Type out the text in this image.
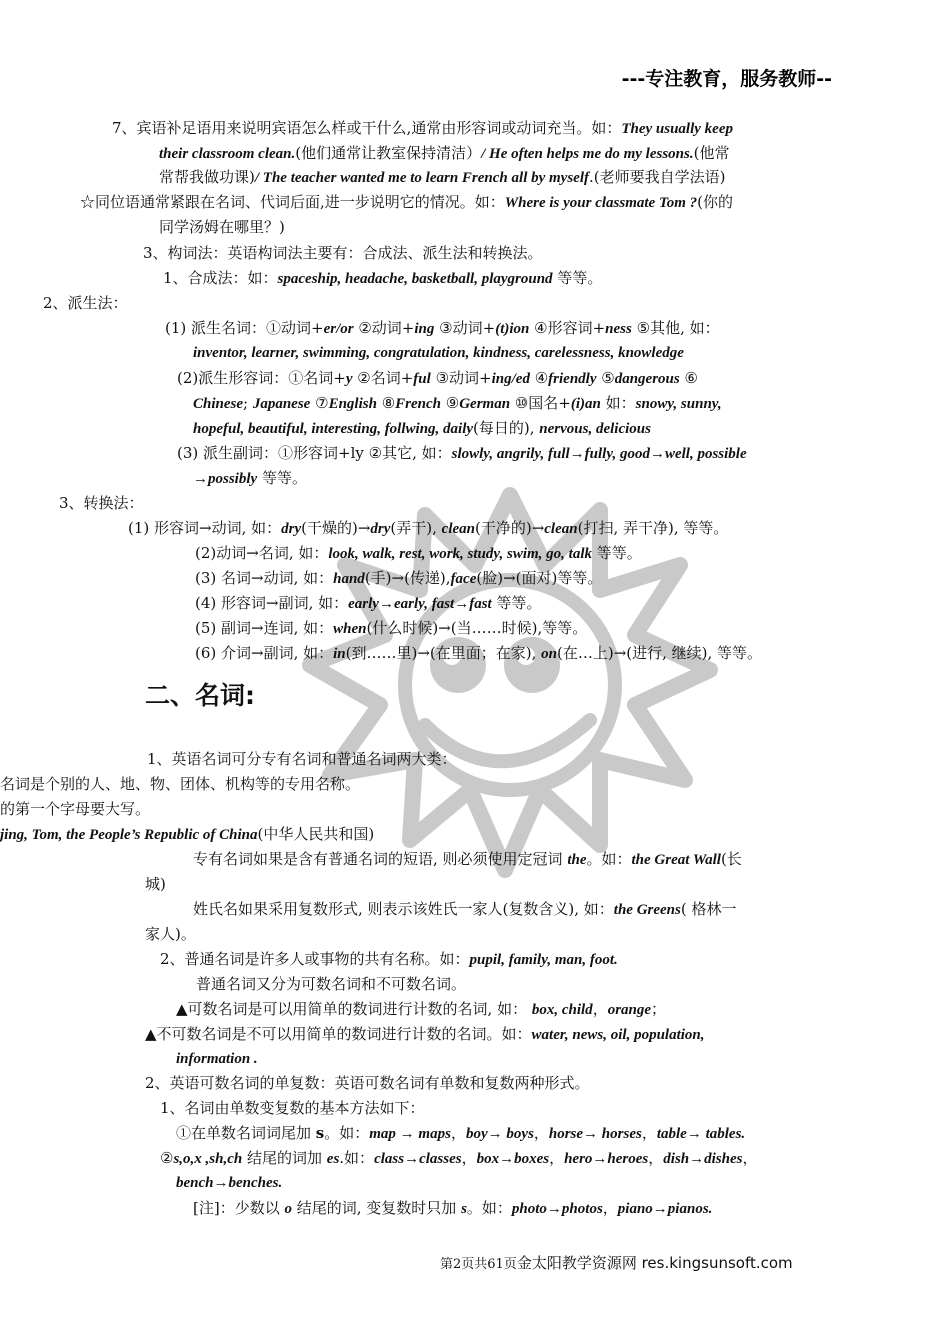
---专注教育，服务教师--
7、宾语补足语用来说明宾语怎么样或干什么,通常由形容词或动词充当。如：They usually keep
their classroom clean.(他们通常让教室保持清洁）/ He often helps me do my lessons.(他常
常帮我做功课)/ The teacher wanted me to learn French all by myself.(老师要我自学法语)
☆同位语通常紧跟在名词、代词后面,进一步说明它的情况。如：Where is your classmate Tom ?(你的
同学汤姆在哪里？)
3、构词法：英语构词法主要有：合成法、派生法和转换法。
1、合成法：如：spaceship, headache, basketball, playground 等等。
2、派生法：
(1) 派生名词：①动词+er/or ②动词+ing ③动词+(t)ion ④形容词+ness ⑤其他, 如：
inventor, learner, swimming, congratulation, kindness, carelessness, knowledge
(2)派生形容词：①名词+y ②名词+ful ③动词+ing/ed ④friendly ⑤dangerous ⑥
Chinese; Japanese ⑦English ⑧French ⑨German ⑩国名+(i)an 如：snowy, sunny,
hopeful, beautiful, interesting, follwing, daily(每日的), nervous, delicious
(3) 派生副词：①形容词+ly ②其它, 如：slowly, angrily, full→fully, good→well, possible
→possibly 等等。
3、转换法：
(1) 形容词→动词, 如：dry(干燥的)→dry(弄干), clean(干净的)→clean(打扫, 弄干净), 等等。
(2)动词→名词, 如：look, walk, rest, work, study, swim, go, talk 等等。
(3) 名词→动词, 如：hand(手)→(传递),face(脸)→(面对)等等。
(4) 形容词→副词, 如：early→early, fast→fast 等等。
(5) 副词→连词, 如：when(什么时候)→(当……时候),等等。
(6) 介词→副词, 如：in(到……里)→(在里面；在家), on(在…上)→(进行, 继续), 等等。
二、名词:
1、英语名词可分专有名词和普通名词两大类：
名词是个别的人、地、物、团体、机构等的专用名称。
的第一个字母要大写。
jing, Tom, the People’s Republic of China(中华人民共和国)
专有名词如果是含有普通名词的短语, 则必须使用定冠词 the。如：the Great Wall(长
城)
姓氏名如果采用复数形式, 则表示该姓氏一家人(复数含义), 如：the Greens( 格林一
家人)。
2、普通名词是许多人或事物的共有名称。如：pupil, family, man, foot.
普通名词又分为可数名词和不可数名词。
▲可数名词是可以用简单的数词进行计数的名词, 如： box, child，orange；
▲不可数名词是不可以用简单的数词进行计数的名词。如：water, news, oil, population,
information .
2、英语可数名词的单复数：英语可数名词有单数和复数两种形式。
1、名词由单数变复数的基本方法如下：
①在单数名词词尾加 s。如：map → maps，boy→ boys，horse→ horses，table→ tables.
②s,o,x ,sh,ch 结尾的词加 es.如：class→classes，box→boxes，hero→heroes，dish→dishes，
bench→benches.
[注]：少数以 o 结尾的词, 变复数时只加 s。如：photo→photos，piano→pianos.
第2页共61页金太阳教学资源网 res.kingsunsoft.com
